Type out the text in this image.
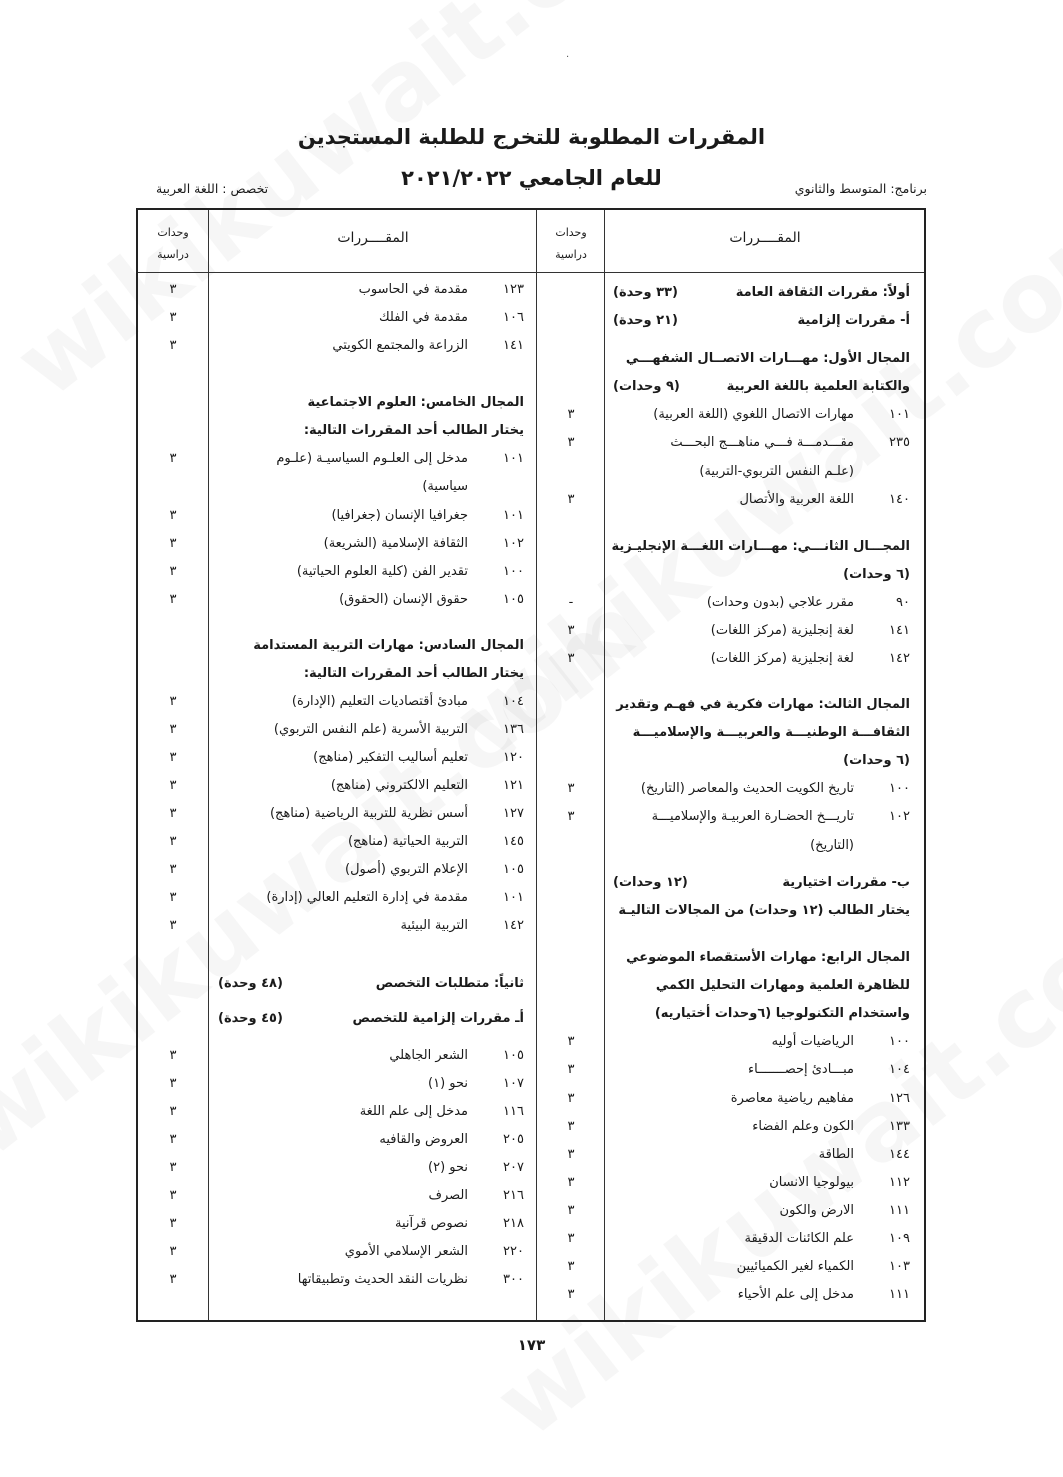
·
المقررات المطلوبة للتخرج للطلبة المستجدين
للعام الجامعي ٢٠٢١/٢٠٢٢	برنامج: المتوسط والثانوي
تخصص : اللغة العربية
وحدات
دراسية
المقــــررات	وحدات
دراسية
المقــــررات
أولاً: مقررات الثقافة العامة
(٣٣ وحدة)
أ- مقررات إلزامية
(٢١ وحدة)
المجال الأول: مهـــارات الاتصــال الشفهـــي
والكتابة العلمية باللغة العربية
(٩ وحدات)
١٠١مهارات الاتصال اللغوي (اللغة العربية)
٣
٢٣٥مقـــدمـــة فـــي مناهـــج البحـــث
٣
(علـم النفس التربوي-التربية)
١٤٠اللغة العربية والأتصال
٣
المجـــال الثانـــي: مهـــارات اللغـــة الإنجليـزية
(٦ وحدات)
٩٠مقرر علاجي (بدون وحدات)
-
١٤١لغة إنجليزية (مركز اللغات)
٣
١٤٢لغة إنجليزية (مركز اللغات)
٣
المجال الثالث: مهارات فكرية في فهـم وتقدير
الثقافـــة الوطنيـــة والعربيـــة والإسلاميـــة
(٦ وحدات)
١٠٠تاريخ الكويت الحديث والمعاصر (التاريخ)
٣
١٠٢تاريـــخ الحضـارة العربيـة والإسلاميـــة
٣
(التاريخ)
ب- مقررات اختيارية
(١٢ وحدات)
يختار الطالب (١٢ وحدات) من المجالات التاليـة
المجال الرابع: مهارات الأستقصاء الموضوعي
للظاهرة العلمية ومهارات التحليل الكمي
واستخدام التكنولوجيا (٦وحدات أختياريه)
١٠٠الرياضيات أوليه
٣
١٠٤مبـــادئ إحصـــــــاء
٣
١٢٦مفاهيم رياضية معاصرة
٣
١٣٣الكون وعلم الفضاء
٣
١٤٤الطاقة
٣
١١٢بيولوجيا الانسان
٣
١١١الارض والكون
٣
١٠٩علم الكائنات الدقيقة
٣
١٠٣الكمياء لغير الكميائيين
٣
١١١مدخل إلى علم الأحياء
٣
١٢٣مقدمة في الحاسوب
٣
١٠٦مقدمة في الفلك
٣
١٤١الزراعة والمجتمع الكويتي
٣
المجال الخامس: العلوم الاجتماعية
يختار الطالب أحد المقررات التالية:
١٠١مدخل إلى العلـوم السياسيـة (علـوم
٣
سياسية)
١٠١جغرافيا الإنسان (جغرافيا)
٣
١٠٢الثقافة الإسلامية (الشريعة)
٣
١٠٠تقدير الفن (كلية العلوم الحياتية)
٣
١٠٥حقوق الإنسان (الحقوق)
٣
المجال السادس: مهارات التربية المستدامة
يختار الطالب أحد المقررات التالية:
١٠٤مبادئ أقتصاديات التعليم (الإدارة)
٣
١٣٦التربية الأسرية (علم النفس التربوي)
٣
١٢٠تعليم أساليب التفكير (مناهج)
٣
١٢١التعليم الالكتروني (مناهج)
٣
١٢٧أسس نظرية للتربية الرياضية (مناهج)
٣
١٤٥التربية الحياتية (مناهج)
٣
١٠٥الإعلام التربوي (أصول)
٣
١٠١مقدمة في إدارة التعليم العالي (إدارة)
٣
١٤٢التربية البيئية
٣
ثانياً: متطلبات التخصص
(٤٨ وحدة)
أـ مقررات إلزامية للتخصص
(٤٥ وحدة)
١٠٥الشعر الجاهلي
٣
١٠٧نحو (١)
٣
١١٦مدخل إلى علم اللغة
٣
٢٠٥العروض والقافيه
٣
٢٠٧نحو (٢)
٣
٢١٦الصرف
٣
٢١٨نصوص قرآنية
٣
٢٢٠الشعر الإسلامي الأموي
٣
٣٠٠نظريات النقد الحديث وتطبيقاتها
٣
١٧٣
